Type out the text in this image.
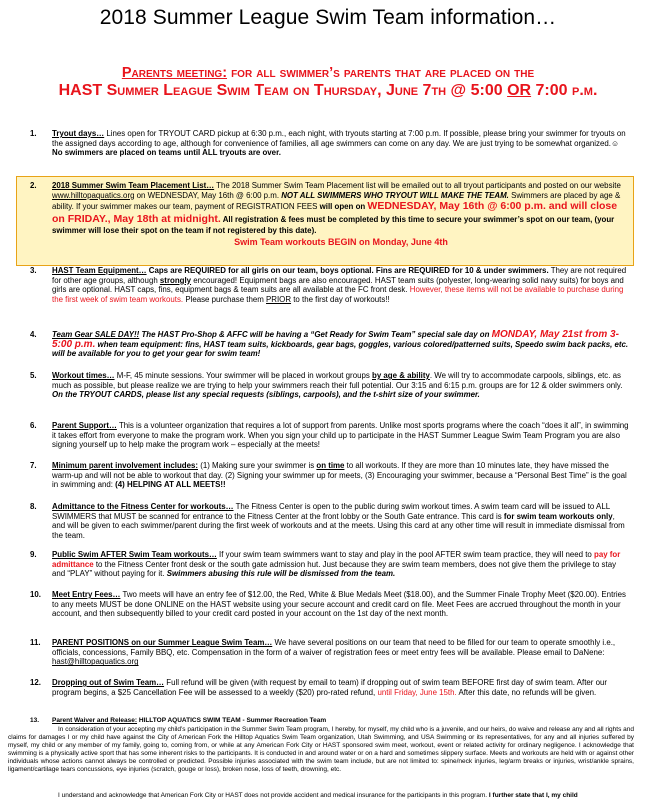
2018 Summer League Swim Team information…
Parents meeting: for all swimmer’s parents that are placed on the
HAST Summer League Swim Team on Thursday, June 7th @ 5:00 OR 7:00 p.m.
1. Tryout days… Lines open for TRYOUT CARD pickup at 6:30 p.m., each night, with tryouts starting at 7:00 p.m. If possible, please bring your swimmer for tryouts on the assigned days according to age, although for convenience of families, all age swimmers can come on any day. We are just trying to be somewhat organized.☺ No swimmers are placed on teams until ALL tryouts are over.
2. 2018 Summer Swim Team Placement List… The 2018 Summer Swim Team Placement list will be emailed out to all tryout participants and posted on our website www.hilltopaquatics.org on WEDNESDAY, May 16th @ 6:00 p.m. NOT ALL SWIMMERS WHO TRYOUT WILL MAKE THE TEAM. Swimmers are placed by age & ability. If your swimmer makes our team, payment of REGISTRATION FEES will open on WEDNESDAY, May 16th @ 6:00 p.m. and will close on FRIDAY., May 18th at midnight. All registration & fees must be completed by this time to secure your swimmer’s spot on our team, (your swimmer will lose their spot on the team if not registered by this date).
Swim Team workouts BEGIN on Monday, June 4th
3. HAST Team Equipment… Caps are REQUIRED for all girls on our team, boys optional. Fins are REQUIRED for 10 & under swimmers. They are not required for other age groups, although strongly encouraged! Equipment bags are also encouraged. HAST team suits (polyester, long-wearing solid navy suits) for boys and girls are optional. HAST caps, fins, equipment bags & team suits are all available at the FC front desk. However, these items will not be available to purchase during the first week of swim team workouts. Please purchase them PRIOR to the first day of workouts!!
4. Team Gear SALE DAY!! The HAST Pro-Shop & AFFC will be having a “Get Ready for Swim Team” special sale day on MONDAY, May 21st from 3-5:00 p.m. when team equipment: fins, HAST team suits, kickboards, gear bags, goggles, various colored/patterned suits, Speedo swim back packs, etc. will be available for you to get your gear for swim team!
5. Workout times… M-F, 45 minute sessions. Your swimmer will be placed in workout groups by age & ability. We will try to accommodate carpools, siblings, etc. as much as possible, but please realize we are trying to help your swimmers reach their full potential. Our 3:15 and 6:15 p.m. groups are for 12 & older swimmers only. On the TRYOUT CARDS, please list any special requests (siblings, carpools), and the t-shirt size of your swimmer.
6. Parent Support… This is a volunteer organization that requires a lot of support from parents. Unlike most sports programs where the coach “does it all”, in swimming it takes effort from everyone to make the program work. When you sign your child up to participate in the HAST Summer League Swim Team Program you are also signing yourself up to help make the program work – especially at the meets!
7. Minimum parent involvement includes: (1) Making sure your swimmer is on time to all workouts. If they are more than 10 minutes late, they have missed the warm-up and will not be able to workout that day. (2) Signing your swimmer up for meets, (3) Encouraging your swimmer, because a “Personal Best Time” is the goal in swimming and: (4) HELPING AT ALL MEETS!!
8. Admittance to the Fitness Center for workouts… The Fitness Center is open to the public during swim workout times. A swim team card will be issued to ALL SWIMMERS that MUST be scanned for entrance to the Fitness Center at the front lobby or the South Gate entrance. This card is for swim team workouts only, and will be given to each swimmer/parent during the first week of workouts and at the meets. Using this card at any other time will result in immediate dismissal from the team.
9. Public Swim AFTER Swim Team workouts… If your swim team swimmers want to stay and play in the pool AFTER swim team practice, they will need to pay for admittance to the Fitness Center front desk or the south gate admission hut. Just because they are swim team members, does not give them the privilege to stay and “PLAY” without paying for it. Swimmers abusing this rule will be dismissed from the team.
10. Meet Entry Fees… Two meets will have an entry fee of $12.00, the Red, White & Blue Medals Meet ($18.00), and the Summer Finale Trophy Meet ($20.00). Entries to any meets MUST be done ONLINE on the HAST website using your secure account and credit card on file. Meet Fees are accrued throughout the month in your account, and then subsequently billed to your credit card posted in your account on the 1st day of the next month.
11. PARENT POSITIONS on our Summer League Swim Team… We have several positions on our team that need to be filled for our team to operate smoothly i.e., officials, concessions, Family BBQ, etc. Compensation in the form of a waiver of registration fees or meet entry fees will be available. Please email to DaNene: hast@hilltopaquatics.org
12. Dropping out of Swim Team… Full refund will be given (with request by email to team) if dropping out of swim team BEFORE first day of swim team. After our program begins, a $25 Cancellation Fee will be assessed to a weekly ($20) pro-rated refund, until Friday, June 15th. After this date, no refunds will be given.
13. Parent Waiver and Release: HILLTOP AQUATICS SWIM TEAM - Summer Recreation Team
In consideration of your accepting my child’s participation in the Summer Swim Team program, I hereby, for myself, my child who is a juvenile, and our heirs, do waive and release any and all rights and claims for damages I or my child have against the City of American Fork the Hilltop Aquatics Swim Team organization, Utah Swimming, and USA Swimming or its representatives, for any and all injuries suffered by myself, my child or any member of my family, going to, coming from, or while at any American Fork City or HAST sponsored swim meet, workout, event or related activity for ordinary negligence. I acknowledge that swimming is a physically active sport that has some inherent risks to the participants. It is conducted in and around water or on a hard and sometimes slippery surface. Meets and workouts are held with or against other individuals whose actions cannot always be controlled or predicted. Possible injuries associated with the swim team include, but are not limited to: spine/neck injuries, leg/arm breaks or injuries, wrist/ankle sprains, ligament/cartilage tears concussions, eye injuries (scratch, gouge or loss), broken nose, loss of teeth, drowning, etc.
I understand and acknowledge that American Fork City or HAST does not provide accident and medical insurance for the participants in this program. I further state that I, my child
